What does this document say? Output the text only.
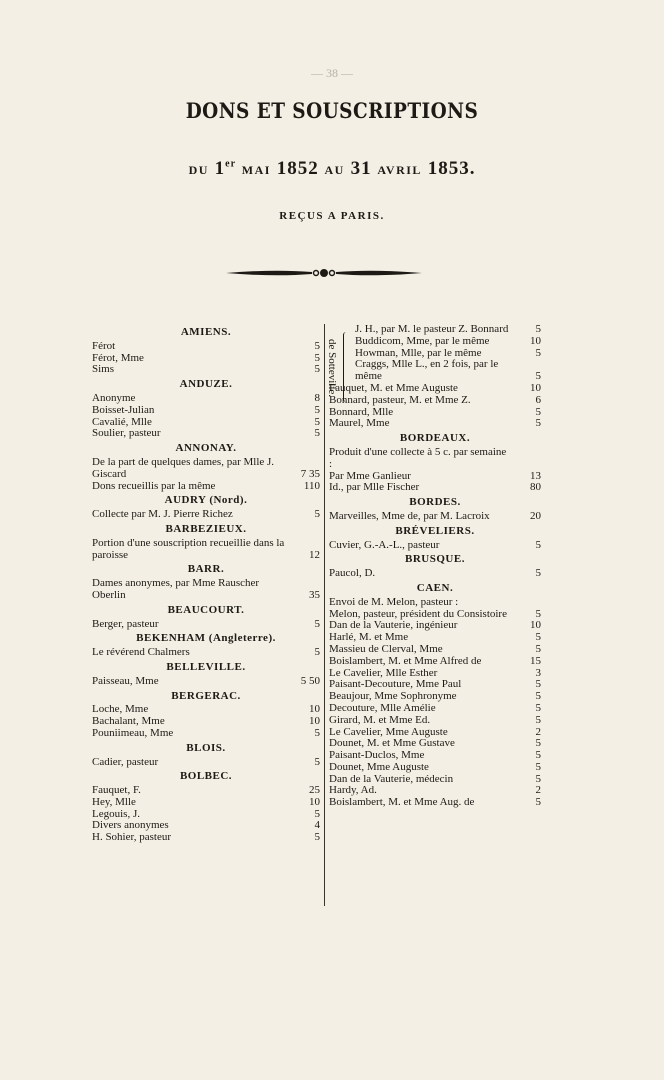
— 38 —
DONS ET SOUSCRIPTIONS
DU 1er MAI 1852 AU 31 AVRIL 1853.
REÇUS A PARIS.
AMIENS.
Férot	5
Férot, Mme	5
Sims	5
ANDUZE.
Anonyme	8
Boisset-Julian	5
Cavalié, Mlle	5
Soulier, pasteur	5
ANNONAY.
De la part de quelques dames, par Mlle J. Giscard	7 35
Dons recueillis par la même	110
AUDRY (Nord).
Collecte par M. J. Pierre Richez	5
BARBEZIEUX.
Portion d'une souscription recueillie dans la paroisse	12
BARR.
Dames anonymes, par Mme Rauscher Oberlin	35
BEAUCOURT.
Berger, pasteur	5
BEKENHAM (Angleterre).
Le révérend Chalmers	5
BELLEVILLE.
Paisseau, Mme	5 50
BERGERAC.
Loche, Mme	10
Bachalant, Mme	10
Pouniimeau, Mme	5
BLOIS.
Cadier, pasteur	5
BOLBEC.
Fauquet, F.	25
Hey, Mlle	10
Legouis, J.	5
Divers anonymes	4
H. Sohier, pasteur	5
de Sotteville.
J. H., par M. le pasteur Z. Bonnard	5
Buddicom, Mme, par le même	10
Howman, Mlle, par le même	5
Craggs, Mlle L., en 2 fois, par le même	5
Fauquet, M. et Mme Auguste	10
Bonnard, pasteur, M. et Mme Z.	6
Bonnard, Mlle	5
Maurel, Mme	5
BORDEAUX.
Produit d'une collecte à 5 c. par semaine :
Par Mme Ganlieur	13
Id., par Mlle Fischer	80
BORDES.
Marveilles, Mme de, par M. Lacroix	20
BRÉVELIERS.
Cuvier, G.-A.-L., pasteur	5
BRUSQUE.
Paucol, D.	5
CAEN.
Envoi de M. Melon, pasteur :
Melon, pasteur, président du Consistoire	5
Dan de la Vauterie, ingénieur	10
Harlé, M. et Mme	5
Massieu de Clerval, Mme	5
Boislambert, M. et Mme Alfred de	15
Le Cavelier, Mlle Esther	3
Paisant-Decouture, Mme Paul	5
Beaujour, Mme Sophronyme	5
Decouture, Mlle Amélie	5
Girard, M. et Mme Ed.	5
Le Cavelier, Mme Auguste	2
Dounet, M. et Mme Gustave	5
Paisant-Duclos, Mme	5
Dounet, Mme Auguste	5
Dan de la Vauterie, médecin	5
Hardy, Ad.	2
Boislambert, M. et Mme Aug. de	5
